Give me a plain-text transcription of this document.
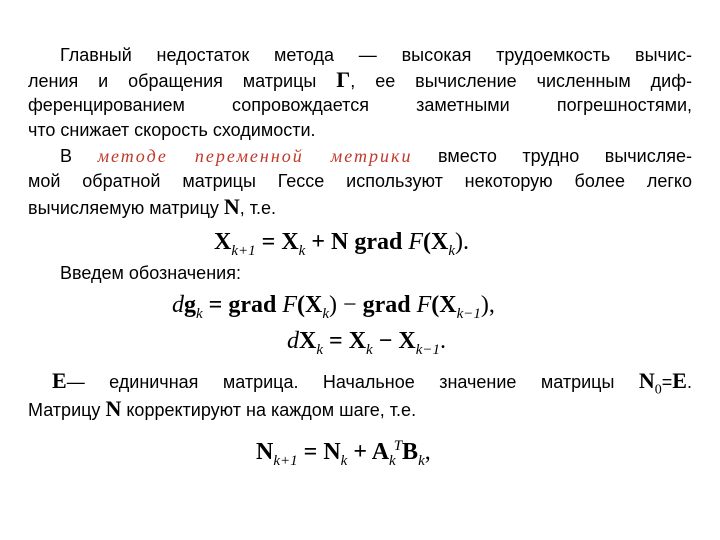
Главный недостаток метода — высокая трудоемкость вычис-
ления и обращения матрицы Г, ее вычисление численным диф-
ференцированием сопровождается заметными погрешностями,
что снижает скорость сходимости.
В методе переменной метрики вместо трудно вычисляе-
мой обратной матрицы Гессе используют некоторую более легко
вычисляемую матрицу N, т.е.
$X_{k+1} = X_k + N$ grad $F(X_k)$.
Введем обозначения:
$dg_k$ = grad $F(X_k)$ − grad $F(X_{k-1})$,
$dX_k = X_k - X_{k-1}$.
E— единичная матрица. Начальное значение матрицы $N_0=E$.
Матрицу N корректируют на каждом шаге, т.е.
$N_{k+1} = N_k + A_k^TB_k$,
